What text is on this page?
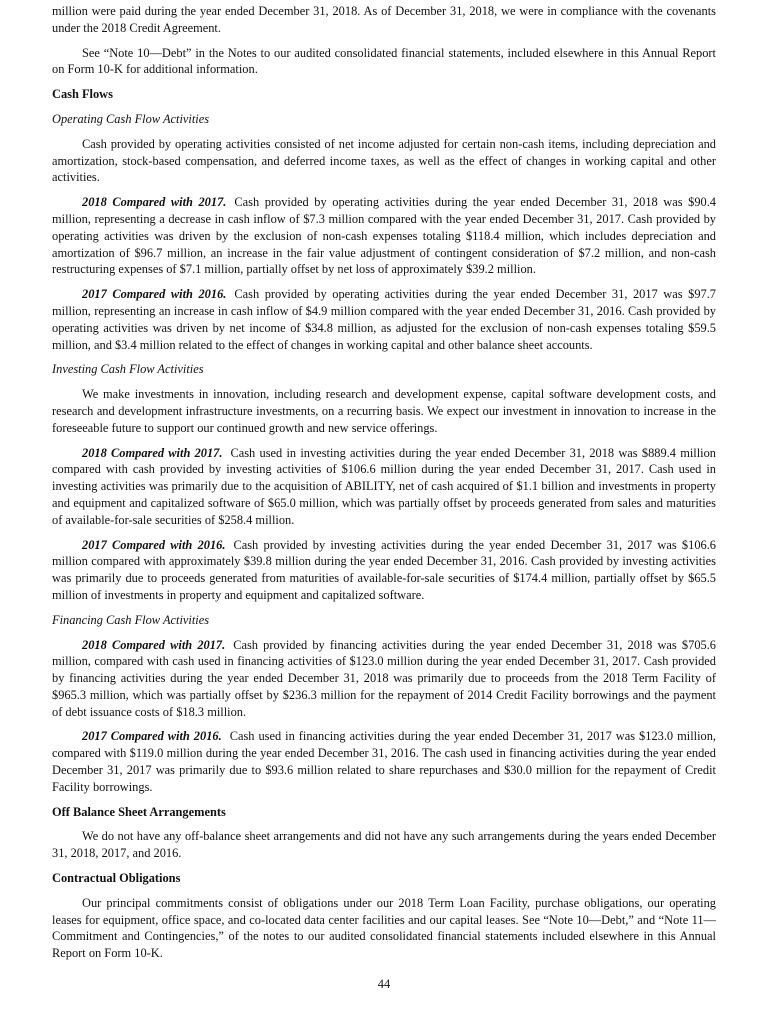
million were paid during the year ended December 31, 2018. As of December 31, 2018, we were in compliance with the covenants under the 2018 Credit Agreement.

See “Note 10—Debt” in the Notes to our audited consolidated financial statements, included elsewhere in this Annual Report on Form 10-K for additional information.

Cash Flows

Operating Cash Flow Activities

Cash provided by operating activities consisted of net income adjusted for certain non-cash items, including depreciation and amortization, stock-based compensation, and deferred income taxes, as well as the effect of changes in working capital and other activities.

2018 Compared with 2017. Cash provided by operating activities during the year ended December 31, 2018 was $90.4 million, representing a decrease in cash inflow of $7.3 million compared with the year ended December 31, 2017. Cash provided by operating activities was driven by the exclusion of non-cash expenses totaling $118.4 million, which includes depreciation and amortization of $96.7 million, an increase in the fair value adjustment of contingent consideration of $7.2 million, and non-cash restructuring expenses of $7.1 million, partially offset by net loss of approximately $39.2 million.

2017 Compared with 2016. Cash provided by operating activities during the year ended December 31, 2017 was $97.7 million, representing an increase in cash inflow of $4.9 million compared with the year ended December 31, 2016. Cash provided by operating activities was driven by net income of $34.8 million, as adjusted for the exclusion of non-cash expenses totaling $59.5 million, and $3.4 million related to the effect of changes in working capital and other balance sheet accounts.

Investing Cash Flow Activities

We make investments in innovation, including research and development expense, capital software development costs, and research and development infrastructure investments, on a recurring basis. We expect our investment in innovation to increase in the foreseeable future to support our continued growth and new service offerings.

2018 Compared with 2017. Cash used in investing activities during the year ended December 31, 2018 was $889.4 million compared with cash provided by investing activities of $106.6 million during the year ended December 31, 2017. Cash used in investing activities was primarily due to the acquisition of ABILITY, net of cash acquired of $1.1 billion and investments in property and equipment and capitalized software of $65.0 million, which was partially offset by proceeds generated from sales and maturities of available-for-sale securities of $258.4 million.

2017 Compared with 2016. Cash provided by investing activities during the year ended December 31, 2017 was $106.6 million compared with approximately $39.8 million during the year ended December 31, 2016. Cash provided by investing activities was primarily due to proceeds generated from maturities of available-for-sale securities of $174.4 million, partially offset by $65.5 million of investments in property and equipment and capitalized software.

Financing Cash Flow Activities

2018 Compared with 2017. Cash provided by financing activities during the year ended December 31, 2018 was $705.6 million, compared with cash used in financing activities of $123.0 million during the year ended December 31, 2017. Cash provided by financing activities during the year ended December 31, 2018 was primarily due to proceeds from the 2018 Term Facility of $965.3 million, which was partially offset by $236.3 million for the repayment of 2014 Credit Facility borrowings and the payment of debt issuance costs of $18.3 million.

2017 Compared with 2016. Cash used in financing activities during the year ended December 31, 2017 was $123.0 million, compared with $119.0 million during the year ended December 31, 2016. The cash used in financing activities during the year ended December 31, 2017 was primarily due to $93.6 million related to share repurchases and $30.0 million for the repayment of Credit Facility borrowings.

Off Balance Sheet Arrangements

We do not have any off-balance sheet arrangements and did not have any such arrangements during the years ended December 31, 2018, 2017, and 2016.

Contractual Obligations

Our principal commitments consist of obligations under our 2018 Term Loan Facility, purchase obligations, our operating leases for equipment, office space, and co-located data center facilities and our capital leases. See “Note 10—Debt,” and “Note 11—Commitment and Contingencies,” of the notes to our audited consolidated financial statements included elsewhere in this Annual Report on Form 10-K.

44
